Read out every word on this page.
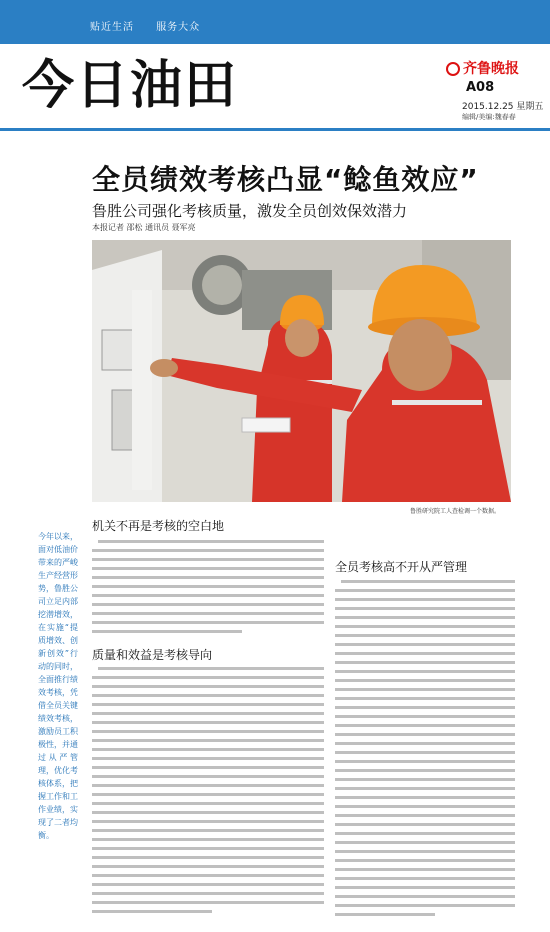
贴近生活 服务大众
今日油田	齐鲁晚报
A08
2015.12.25 星期五
编辑/美编:魏春春
全员绩效考核凸显“鲶鱼效应”
鲁胜公司强化考核质量，激发全员创效保效潜力
本报记者 邵松 通讯员 聂军亮
鲁胜研究院工人查检调一个数据。
今年以来，面对低油价带来的严峻生产经营形势，鲁胜公司立足内部挖潜增效，在实施“提质增效、创新创效”行动的同时，全面推行绩效考核，凭借全员关键绩效考核，激励员工积极性，并通过从严管理，优化考核体系，把握工作和工作业绩，实现了二者均衡。
机关不再是考核的空白地
质量和效益是考核导向
全员考核高不开从严管理
